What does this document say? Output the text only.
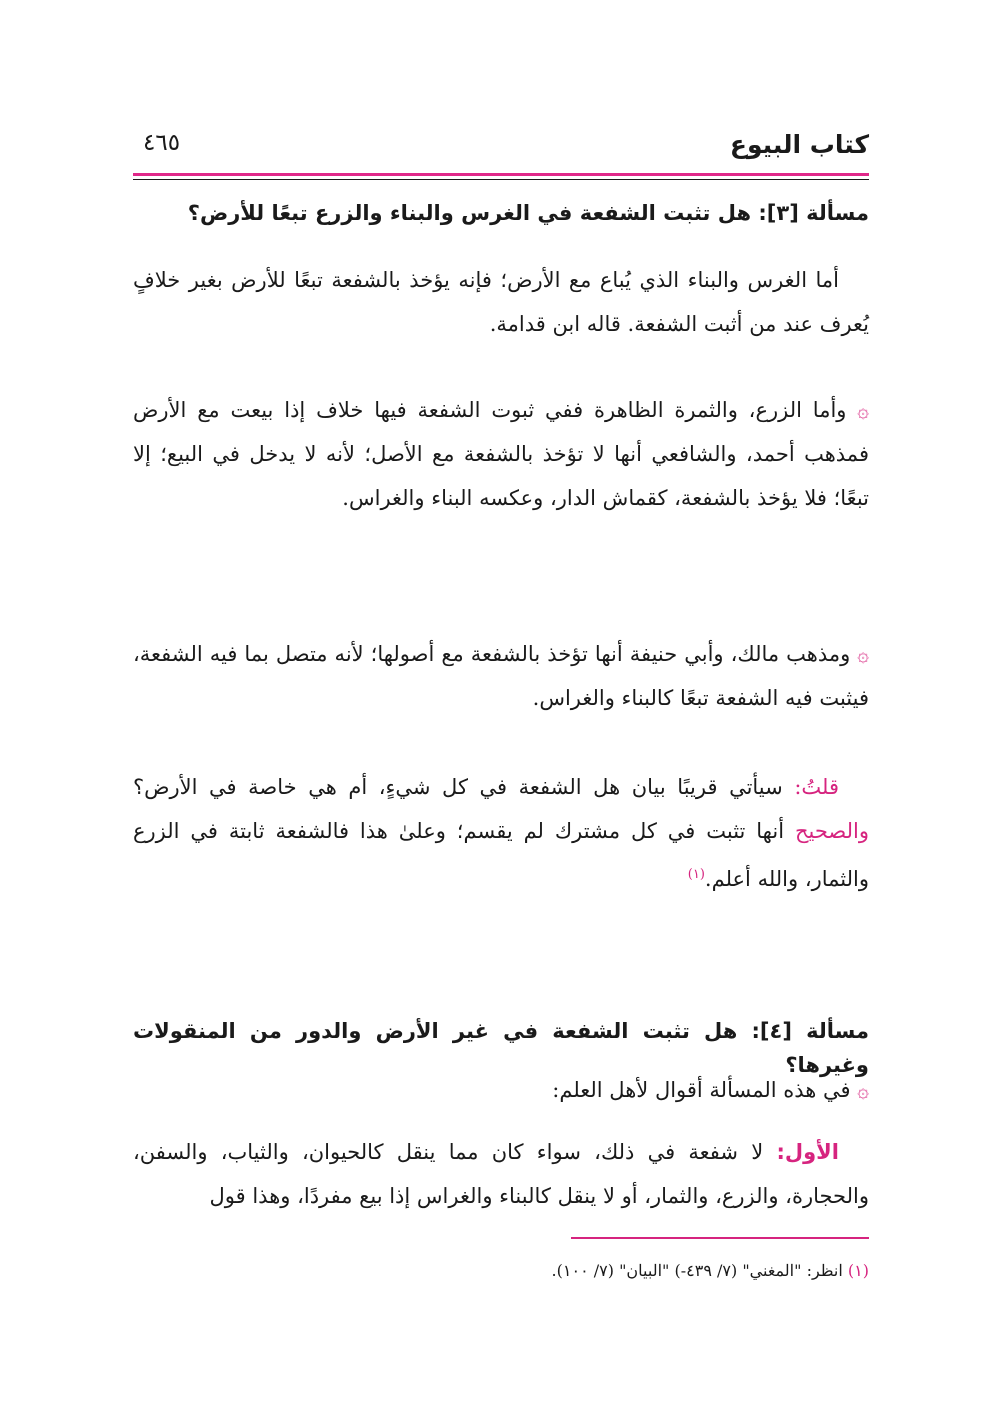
كتاب البيوع
٤٦٥
مسألة [٣]: هل تثبت الشفعة في الغرس والبناء والزرع تبعًا للأرض؟
أما الغرس والبناء الذي يُباع مع الأرض؛ فإنه يؤخذ بالشفعة تبعًا للأرض بغير خلافٍ يُعرف عند من أثبت الشفعة. قاله ابن قدامة.
۞ وأما الزرع، والثمرة الظاهرة ففي ثبوت الشفعة فيها خلاف إذا بيعت مع الأرض فمذهب أحمد، والشافعي أنها لا تؤخذ بالشفعة مع الأصل؛ لأنه لا يدخل في البيع؛ إلا تبعًا؛ فلا يؤخذ بالشفعة، كقماش الدار، وعكسه البناء والغراس.
۞ ومذهب مالك، وأبي حنيفة أنها تؤخذ بالشفعة مع أصولها؛ لأنه متصل بما فيه الشفعة، فيثبت فيه الشفعة تبعًا كالبناء والغراس.
قلتُ: سيأتي قريبًا بيان هل الشفعة في كل شيءٍ، أم هي خاصة في الأرض؟ والصحيح أنها تثبت في كل مشترك لم يقسم؛ وعلىٰ هذا فالشفعة ثابتة في الزرع والثمار، والله أعلم.$^{(١)}$
مسألة [٤]: هل تثبت الشفعة في غير الأرض والدور من المنقولات وغيرها؟
۞ في هذه المسألة أقوال لأهل العلم:
الأول: لا شفعة في ذلك، سواء كان مما ينقل كالحيوان، والثياب، والسفن، والحجارة، والزرع، والثمار، أو لا ينقل كالبناء والغراس إذا بيع مفردًا، وهذا قول
(١) انظر: "المغني" (٧/ ٤٣٩-) "البيان" (٧/ ١٠٠).
